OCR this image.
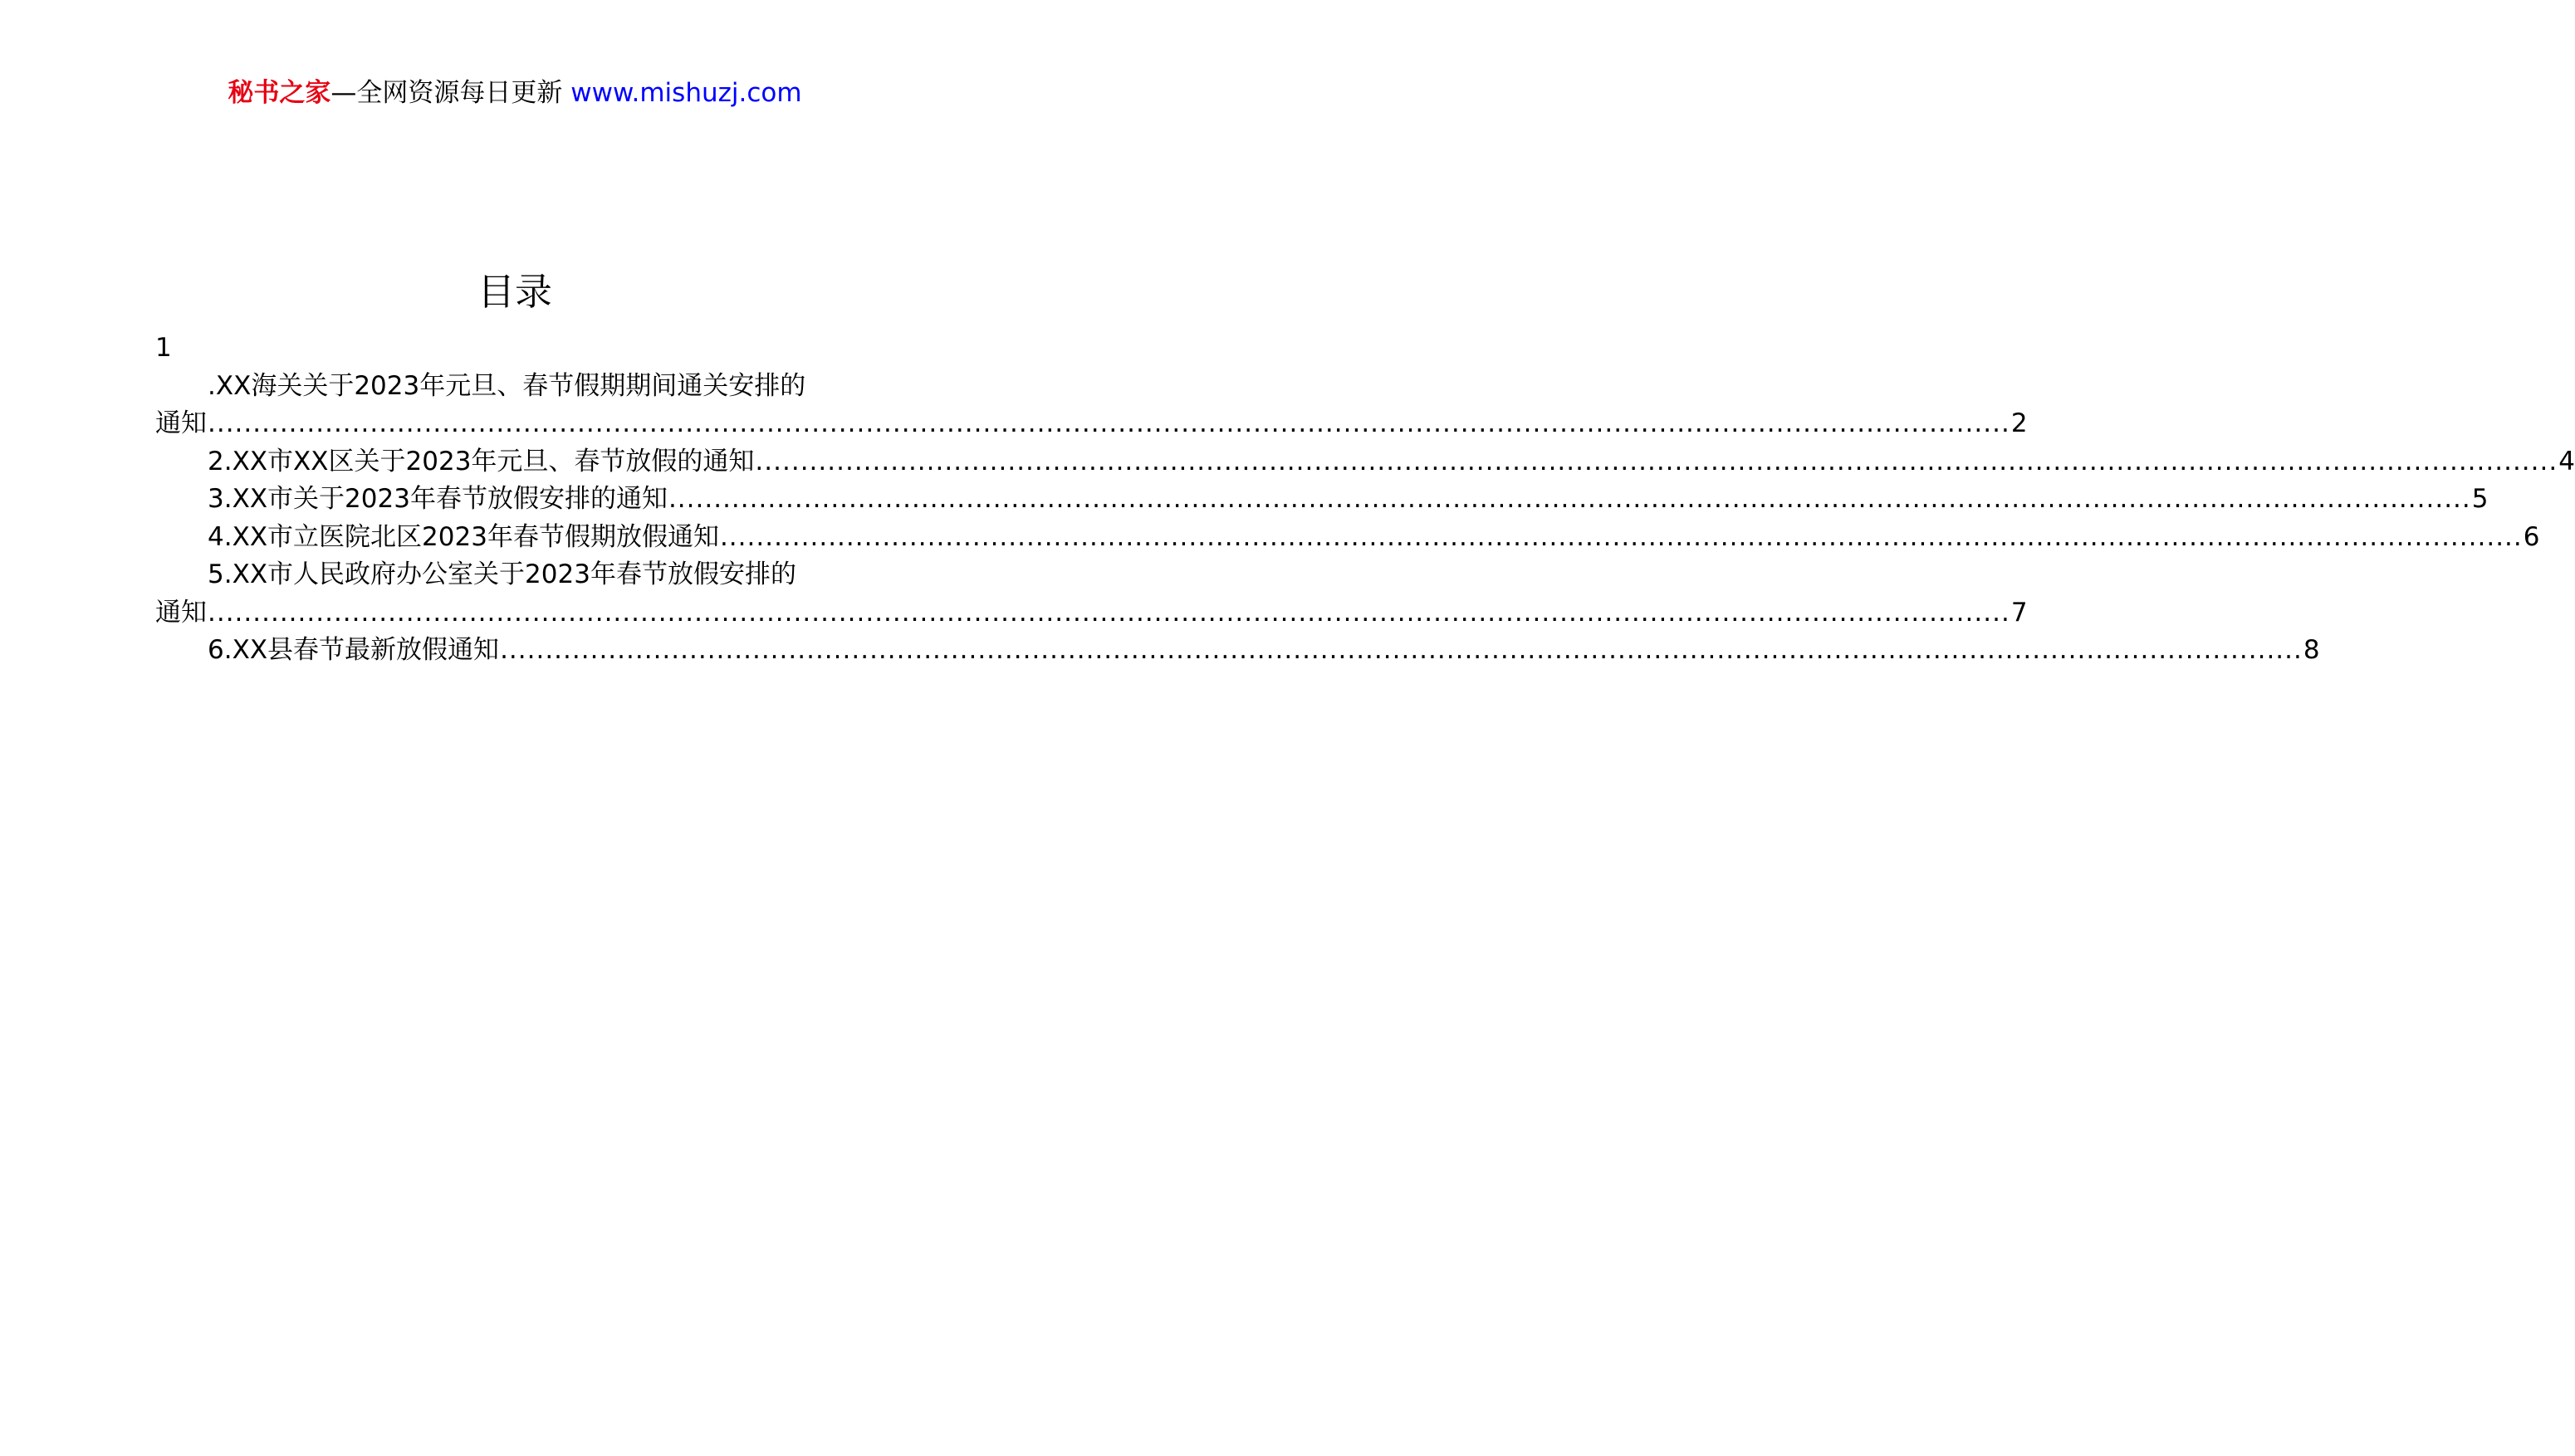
秘书之家—全网资源每日更新 www.mishuzj.com
目录
1
.XX海关关于2023年元旦、春节假期期间通关安排的
通知 ........................................................................................................................................................................................................ 2
2.XX市XX区关于2023年元旦、春节放假的通知 ........................................................................................................................................................................................................ 4
3.XX市关于2023年春节放假安排的通知 ........................................................................................................................................................................................................ 5
4.XX市立医院北区2023年春节假期放假通知 ........................................................................................................................................................................................................ 6
5.XX市人民政府办公室关于2023年春节放假安排的
通知 ........................................................................................................................................................................................................ 7
6.XX县春节最新放假通知 ........................................................................................................................................................................................................ 8
